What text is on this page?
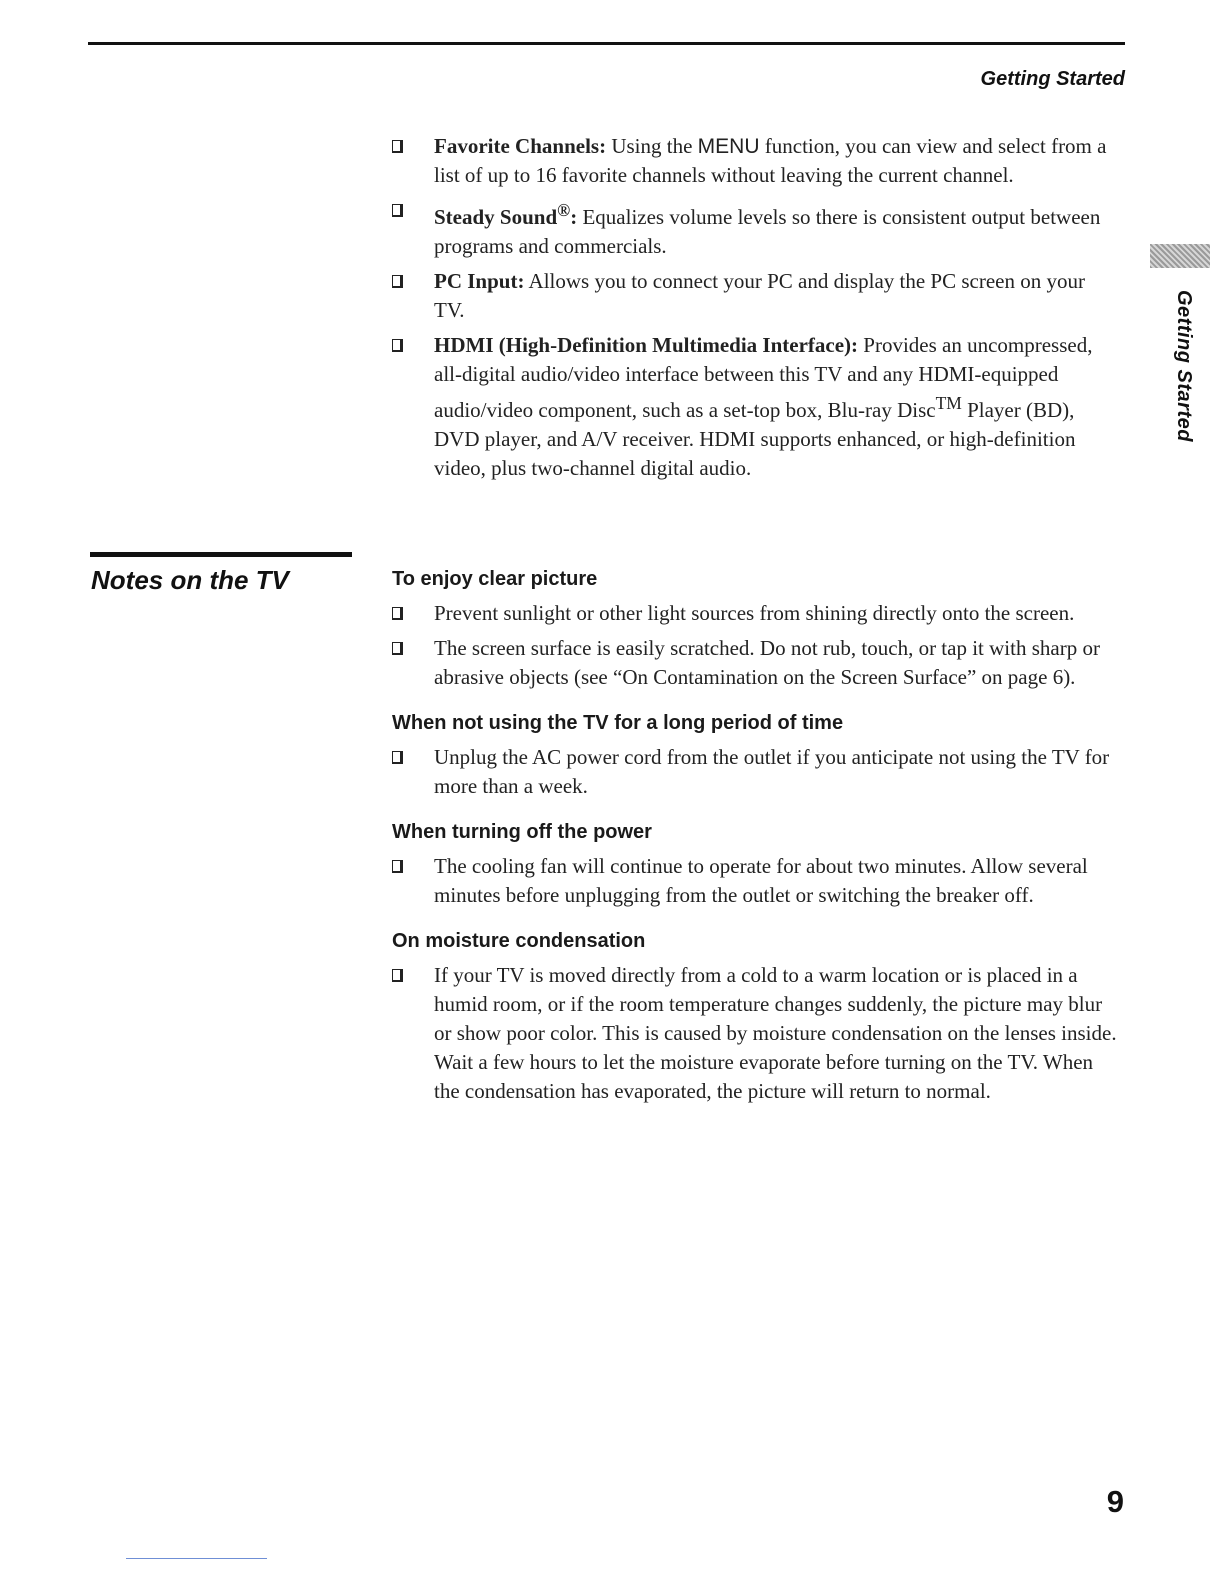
Getting Started
Getting Started
Favorite Channels: Using the MENU function, you can view and select from a list of up to 16 favorite channels without leaving the current channel.
Steady Sound®: Equalizes volume levels so there is consistent output between programs and commercials.
PC Input: Allows you to connect your PC and display the PC screen on your TV.
HDMI (High-Definition Multimedia Interface): Provides an uncompressed, all-digital audio/video interface between this TV and any HDMI-equipped audio/video component, such as a set-top box, Blu-ray Disc™ Player (BD), DVD player, and A/V receiver. HDMI supports enhanced, or high-definition video, plus two-channel digital audio.
Notes on the TV	To enjoy clear picture
Prevent sunlight or other light sources from shining directly onto the screen.
The screen surface is easily scratched. Do not rub, touch, or tap it with sharp or abrasive objects (see “On Contamination on the Screen Surface” on page 6).
When not using the TV for a long period of time
Unplug the AC power cord from the outlet if you anticipate not using the TV for more than a week.
When turning off the power
The cooling fan will continue to operate for about two minutes. Allow several minutes before unplugging from the outlet or switching the breaker off.
On moisture condensation
If your TV is moved directly from a cold to a warm location or is placed in a humid room, or if the room temperature changes suddenly, the picture may blur or show poor color. This is caused by moisture condensation on the lenses inside. Wait a few hours to let the moisture evaporate before turning on the TV. When the condensation has evaporated, the picture will return to normal.
9
